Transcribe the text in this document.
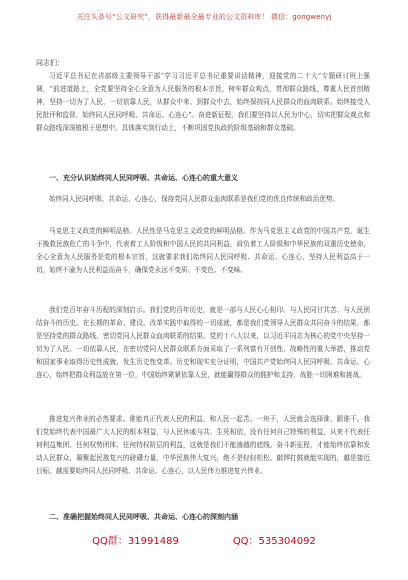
关注头条号“公文研究”，获得最新最全最专业的公文资料库！ 微信：gongwenyj
同志们：

习近平总书记在省部级主要领导干部“学习习近平总书记重要讲话精神，迎接党的二十大”专题研讨班上强调，“前进道路上，全党要坚持全心全意为人民服务的根本宗旨，树牢群众观点，贯彻群众路线，尊重人民首创精神，坚持一切为了人民、一切依靠人民，从群众中来、到群众中去，始终保持同人民群众的血肉联系。始终接受人民批评和监督，始终同人民同呼吸、共命运、心连心”。奋进新征程，我们要坚持以人民为中心，切实把群众观点和群众路线深深植根于思想中、具体落实到行动上，不断巩固党执政的阶级基础和群众基础。

一、充分认识始终同人民同呼吸、共命运、心连心的重大意义

始终同人民同呼吸、共命运、心连心，保持党同人民群众血肉联系是我们党的优良传统和政治优势。

马克思主义政党的鲜明品格。人民性是马克思主义政党的鲜明品格。作为马克思主义政党的中国共产党，诞生于挽救民族危亡的斗争中，代表着工人阶级和中国人民的共同利益，肩负着工人阶级和中华民族的双重历史使命，全心全意为人民服务是党的根本宗旨，这就要求我们始终同人民同呼吸、共命运、心连心，坚持人民利益高于一切，始终不渝为人民利益而奋斗，确保党永远不变质、不变色、不变味。

我们党百年奋斗历程的深刻启示。我们党的百年历史，就是一部与人民心心相印、与人民同甘共苦、与人民团结奋斗的历史。在长期的革命、建设、改革实践中取得的一切成就，都是我们党领导人民群众共同奋斗的结果，都是坚持党的群众路线，密切党同人民群众血肉联系的结果。党的十八大以来，以习近平同志为核心的党中央坚持一切为了人民、一切依靠人民，在密切党同人民群众联系方面采取了一系列富有开创性、战略性的重大举措，推动党和国家事业取得历史性成就、发生历史性变革。历史和现实充分证明，中国共产党始终同人民同呼吸、共命运、心连心，始终把群众利益放在第一位，中国始终紧紧依靠人民，就能赢得群众的拥护和支持，战胜一切困难和挑战。

推进复兴伟业的必然要求。谁能真正代表人民的利益，和人民一起苦、一块干，人民就会选择谁、跟谁干。我们党始终代表中国最广大人民的根本利益，与人民休戚与共、生死相依，没有任何自己特殊的利益，从来不代表任何利益集团、任何权势团体、任何特权阶层的利益，这就是我们不能逾越的底线。奋斗新征程，才能始终依靠和发动人民群众，凝聚起民族复兴的磅礴力量，中华民族伟大复兴，绝不是轻轻松松、敲锣打鼓就能实现的，越是接近目标，越需要始终同人民同呼吸、共命运、心连心，以人民伟力推进复兴伟业。

二、准确把握始终同人民同呼吸、共命运、心连心的深刻内涵
QQ群：31991489	QQ：535304092
